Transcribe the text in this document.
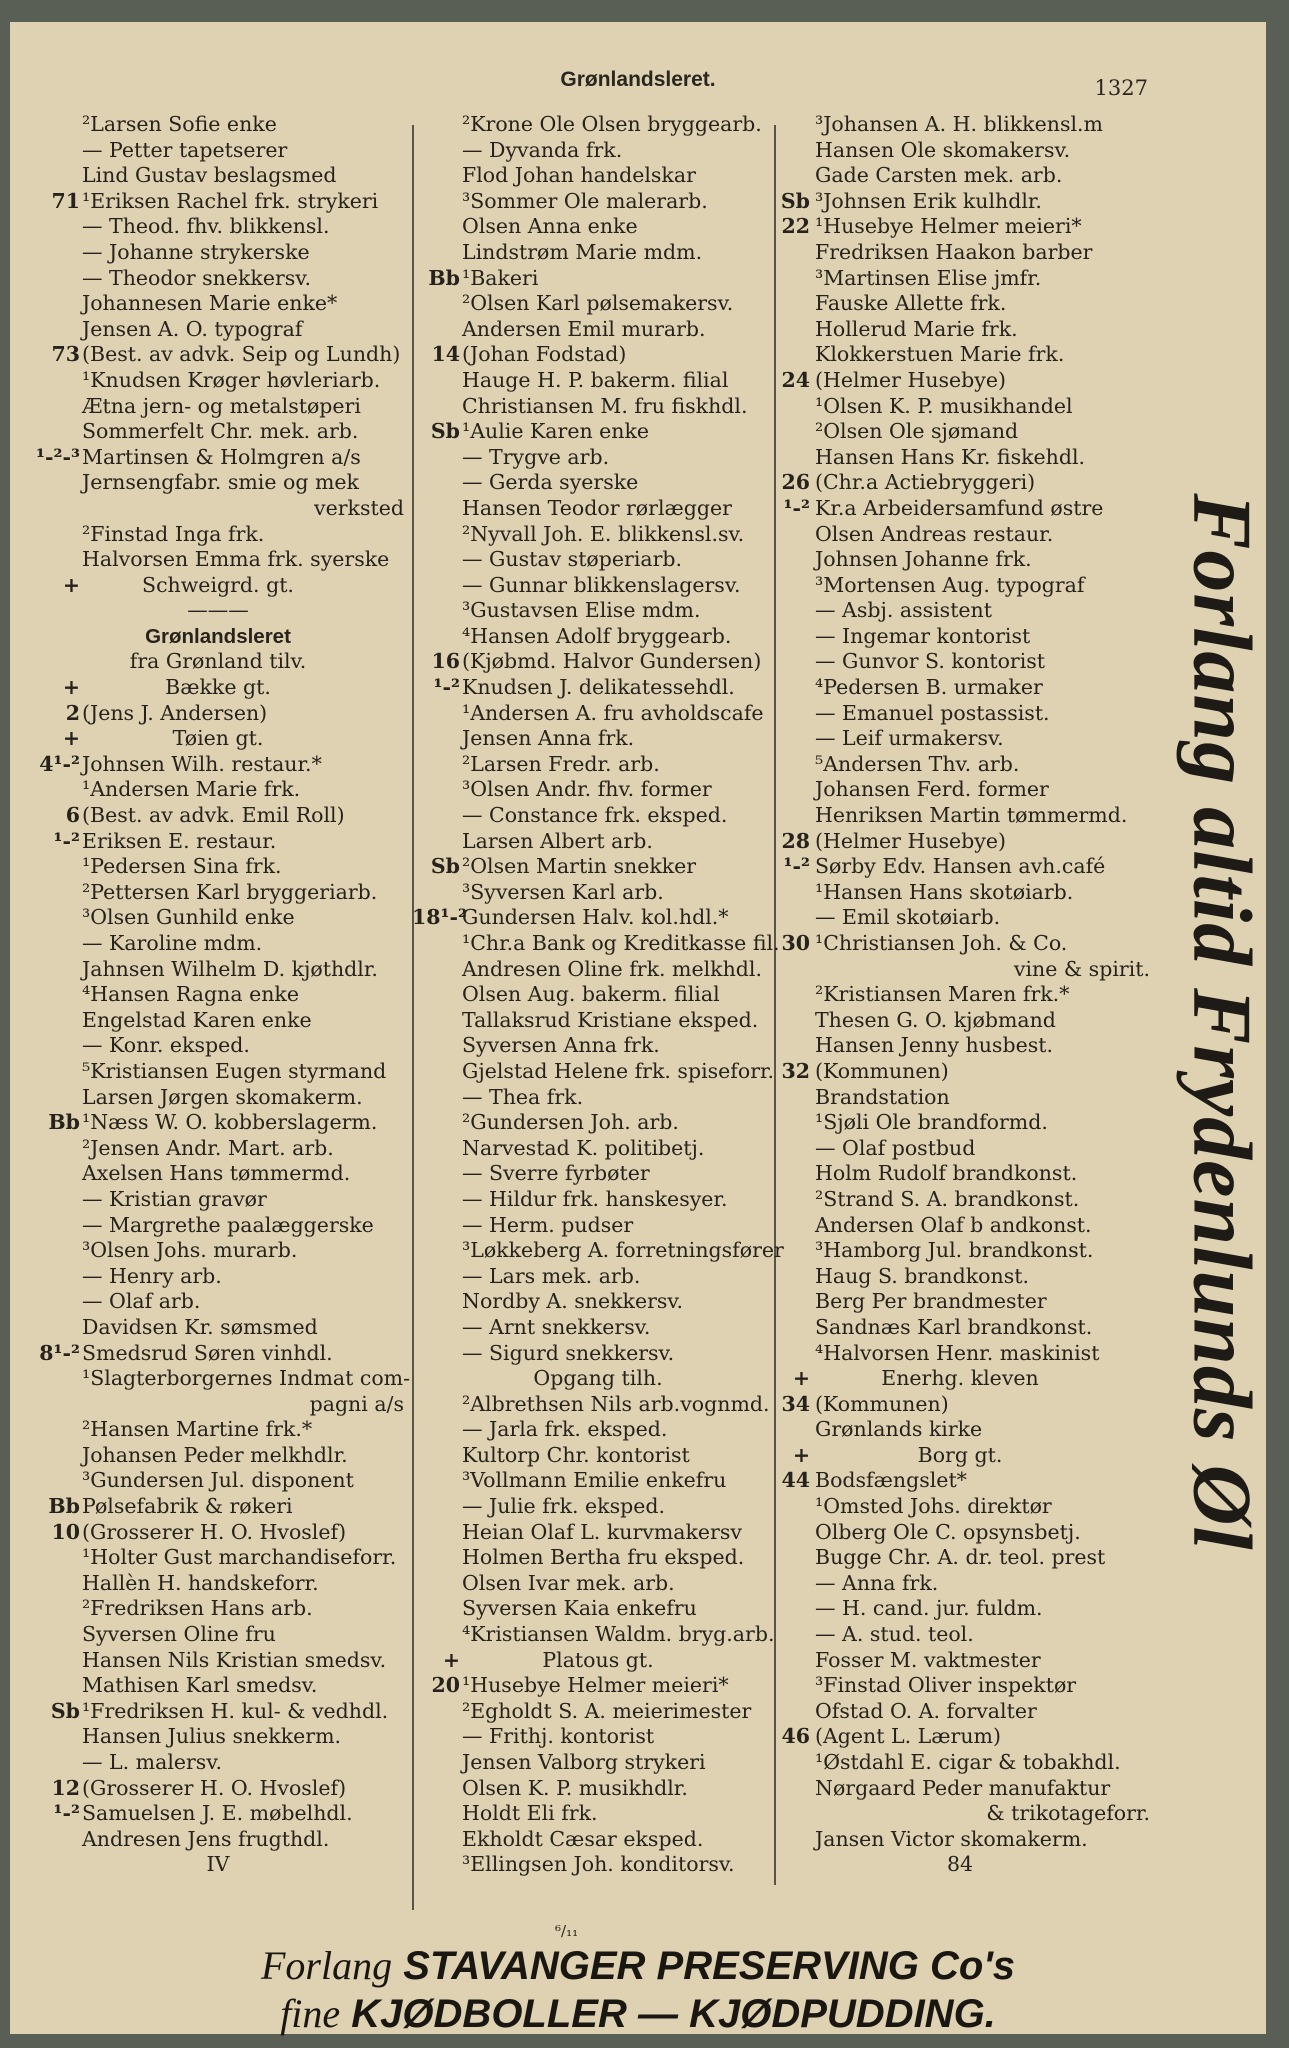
Grønlandsleret.	1327
²Larsen Sofie enke
— Petter tapetserer
Lind Gustav beslagsmed
71 ¹Eriksen Rachel frk. strykeri
— Theod. fhv. blikkensl.
— Johanne strykerske
— Theodor snekkersv.
Johannesen Marie enke*
Jensen A. O. typograf
73 (Best. av advk. Seip og Lundh)
¹Knudsen Krøger høvleriarb.
Ætna jern- og metalstøperi
Sommerfelt Chr. mek. arb.
¹-²-³ Martinsen & Holmgren a/s
Jernsengfabr. smie og mek
verksted
²Finstad Inga frk.
Halvorsen Emma frk. syerske
+	Schweigrd. gt.
———
Grønlandsleret
fra Grønland tilv.
+	Bække gt.
2 (Jens J. Andersen)
+	Tøien gt.
4¹-² Johnsen Wilh. restaur.*
¹Andersen Marie frk.
6 (Best. av advk. Emil Roll)
¹-² Eriksen E. restaur.
¹Pedersen Sina frk.
²Pettersen Karl bryggeriarb.
³Olsen Gunhild enke
— Karoline mdm.
Jahnsen Wilhelm D. kjøthdlr.
⁴Hansen Ragna enke
Engelstad Karen enke
— Konr. eksped.
⁵Kristiansen Eugen styrmand
Larsen Jørgen skomakerm.
Bb ¹Næss W. O. kobberslagerm.
²Jensen Andr. Mart. arb.
Axelsen Hans tømmermd.
— Kristian gravør
— Margrethe paalæggerske
³Olsen Johs. murarb.
— Henry arb.
— Olaf arb.
Davidsen Kr. sømsmed
8¹-² Smedsrud Søren vinhdl.
¹Slagterborgernes Indmat com-
pagni a/s
²Hansen Martine frk.*
Johansen Peder melkhdlr.
³Gundersen Jul. disponent
Bb Pølsefabrik & røkeri
10 (Grosserer H. O. Hvoslef)
¹Holter Gust marchandiseforr.
Hallèn H. handskeforr.
²Fredriksen Hans arb.
Syversen Oline fru
Hansen Nils Kristian smedsv.
Mathisen Karl smedsv.
Sb ¹Fredriksen H. kul- & vedhdl.
Hansen Julius snekkerm.
— L. malersv.
12 (Grosserer H. O. Hvoslef)
¹-² Samuelsen J. E. møbelhdl.
Andresen Jens frugthdl.
IV
²Krone Ole Olsen bryggearb.
— Dyvanda frk.
Flod Johan handelskar
³Sommer Ole malerarb.
Olsen Anna enke
Lindstrøm Marie mdm.
Bb ¹Bakeri
²Olsen Karl pølsemakersv.
Andersen Emil murarb.
14 (Johan Fodstad)
Hauge H. P. bakerm. filial
Christiansen M. fru fiskhdl.
Sb ¹Aulie Karen enke
— Trygve arb.
— Gerda syerske
Hansen Teodor rørlægger
²Nyvall Joh. E. blikkensl.sv.
— Gustav støperiarb.
— Gunnar blikkenslagersv.
³Gustavsen Elise mdm.
⁴Hansen Adolf bryggearb.
16 (Kjøbmd. Halvor Gundersen)
¹-² Knudsen J. delikatessehdl.
¹Andersen A. fru avholdscafe
Jensen Anna frk.
²Larsen Fredr. arb.
³Olsen Andr. fhv. former
— Constance frk. eksped.
Larsen Albert arb.
Sb ²Olsen Martin snekker
³Syversen Karl arb.
18¹-²
Gundersen Halv. kol.hdl.*
¹Chr.a Bank og Kreditkasse fil.
Andresen Oline frk. melkhdl.
Olsen Aug. bakerm. filial
Tallaksrud Kristiane eksped.
Syversen Anna frk.
Gjelstad Helene frk. spiseforr.
— Thea frk.
²Gundersen Joh. arb.
Narvestad K. politibetj.
— Sverre fyrbøter
— Hildur frk. hanskesyer.
— Herm. pudser
³Løkkeberg A. forretningsfører
— Lars mek. arb.
Nordby A. snekkersv.
— Arnt snekkersv.
— Sigurd snekkersv.
Opgang tilh.
²Albrethsen Nils arb.vognmd.
— Jarla frk. eksped.
Kultorp Chr. kontorist
³Vollmann Emilie enkefru
— Julie frk. eksped.
Heian Olaf L. kurvmakersv
Holmen Bertha fru eksped.
Olsen Ivar mek. arb.
Syversen Kaia enkefru
⁴Kristiansen Waldm. bryg.arb.
+	Platous gt.
20 ¹Husebye Helmer meieri*
²Egholdt S. A. meierimester
— Frithj. kontorist
Jensen Valborg strykeri
Olsen K. P. musikhdlr.
Holdt Eli frk.
Ekholdt Cæsar eksped.
³Ellingsen Joh. konditorsv.
³Johansen A. H. blikkensl.m
Hansen Ole skomakersv.
Gade Carsten mek. arb.
Sb ³Johnsen Erik kulhdlr.
22 ¹Husebye Helmer meieri*
Fredriksen Haakon barber
³Martinsen Elise jmfr.
Fauske Allette frk.
Hollerud Marie frk.
Klokkerstuen Marie frk.
24 (Helmer Husebye)
¹Olsen K. P. musikhandel
²Olsen Ole sjømand
Hansen Hans Kr. fiskehdl.
26 (Chr.a Actiebryggeri)
¹-² Kr.a Arbeidersamfund østre
Olsen Andreas restaur.
Johnsen Johanne frk.
³Mortensen Aug. typograf
— Asbj. assistent
— Ingemar kontorist
— Gunvor S. kontorist
⁴Pedersen B. urmaker
— Emanuel postassist.
— Leif urmakersv.
⁵Andersen Thv. arb.
Johansen Ferd. former
Henriksen Martin tømmermd.
28 (Helmer Husebye)
¹-² Sørby Edv. Hansen avh.café
¹Hansen Hans skotøiarb.
— Emil skotøiarb.
30 ¹Christiansen Joh. & Co.
vine & spirit.
²Kristiansen Maren frk.*
Thesen G. O. kjøbmand
Hansen Jenny husbest.
32 (Kommunen)
Brandstation
¹Sjøli Ole brandformd.
— Olaf postbud
Holm Rudolf brandkonst.
²Strand S. A. brandkonst.
Andersen Olaf b andkonst.
³Hamborg Jul. brandkonst.
Haug S. brandkonst.
Berg Per brandmester
Sandnæs Karl brandkonst.
⁴Halvorsen Henr. maskinist
+	Enerhg. kleven
34 (Kommunen)
Grønlands kirke
+	Borg gt.
44 Bodsfængslet*
¹Omsted Johs. direktør
Olberg Ole C. opsynsbetj.
Bugge Chr. A. dr. teol. prest
— Anna frk.
— H. cand. jur. fuldm.
— A. stud. teol.
Fosser M. vaktmester
³Finstad Oliver inspektør
Ofstad O. A. forvalter
46 (Agent L. Lærum)
¹Østdahl E. cigar & tobakhdl.
Nørgaard Peder manufaktur
& trikotageforr.
Jansen Victor skomakerm.
84
Forlang altid Frydenlunds Øl
⁶/₁₁
Forlang STAVANGER PRESERVING Co's
fine KJØDBOLLER — KJØDPUDDING.
